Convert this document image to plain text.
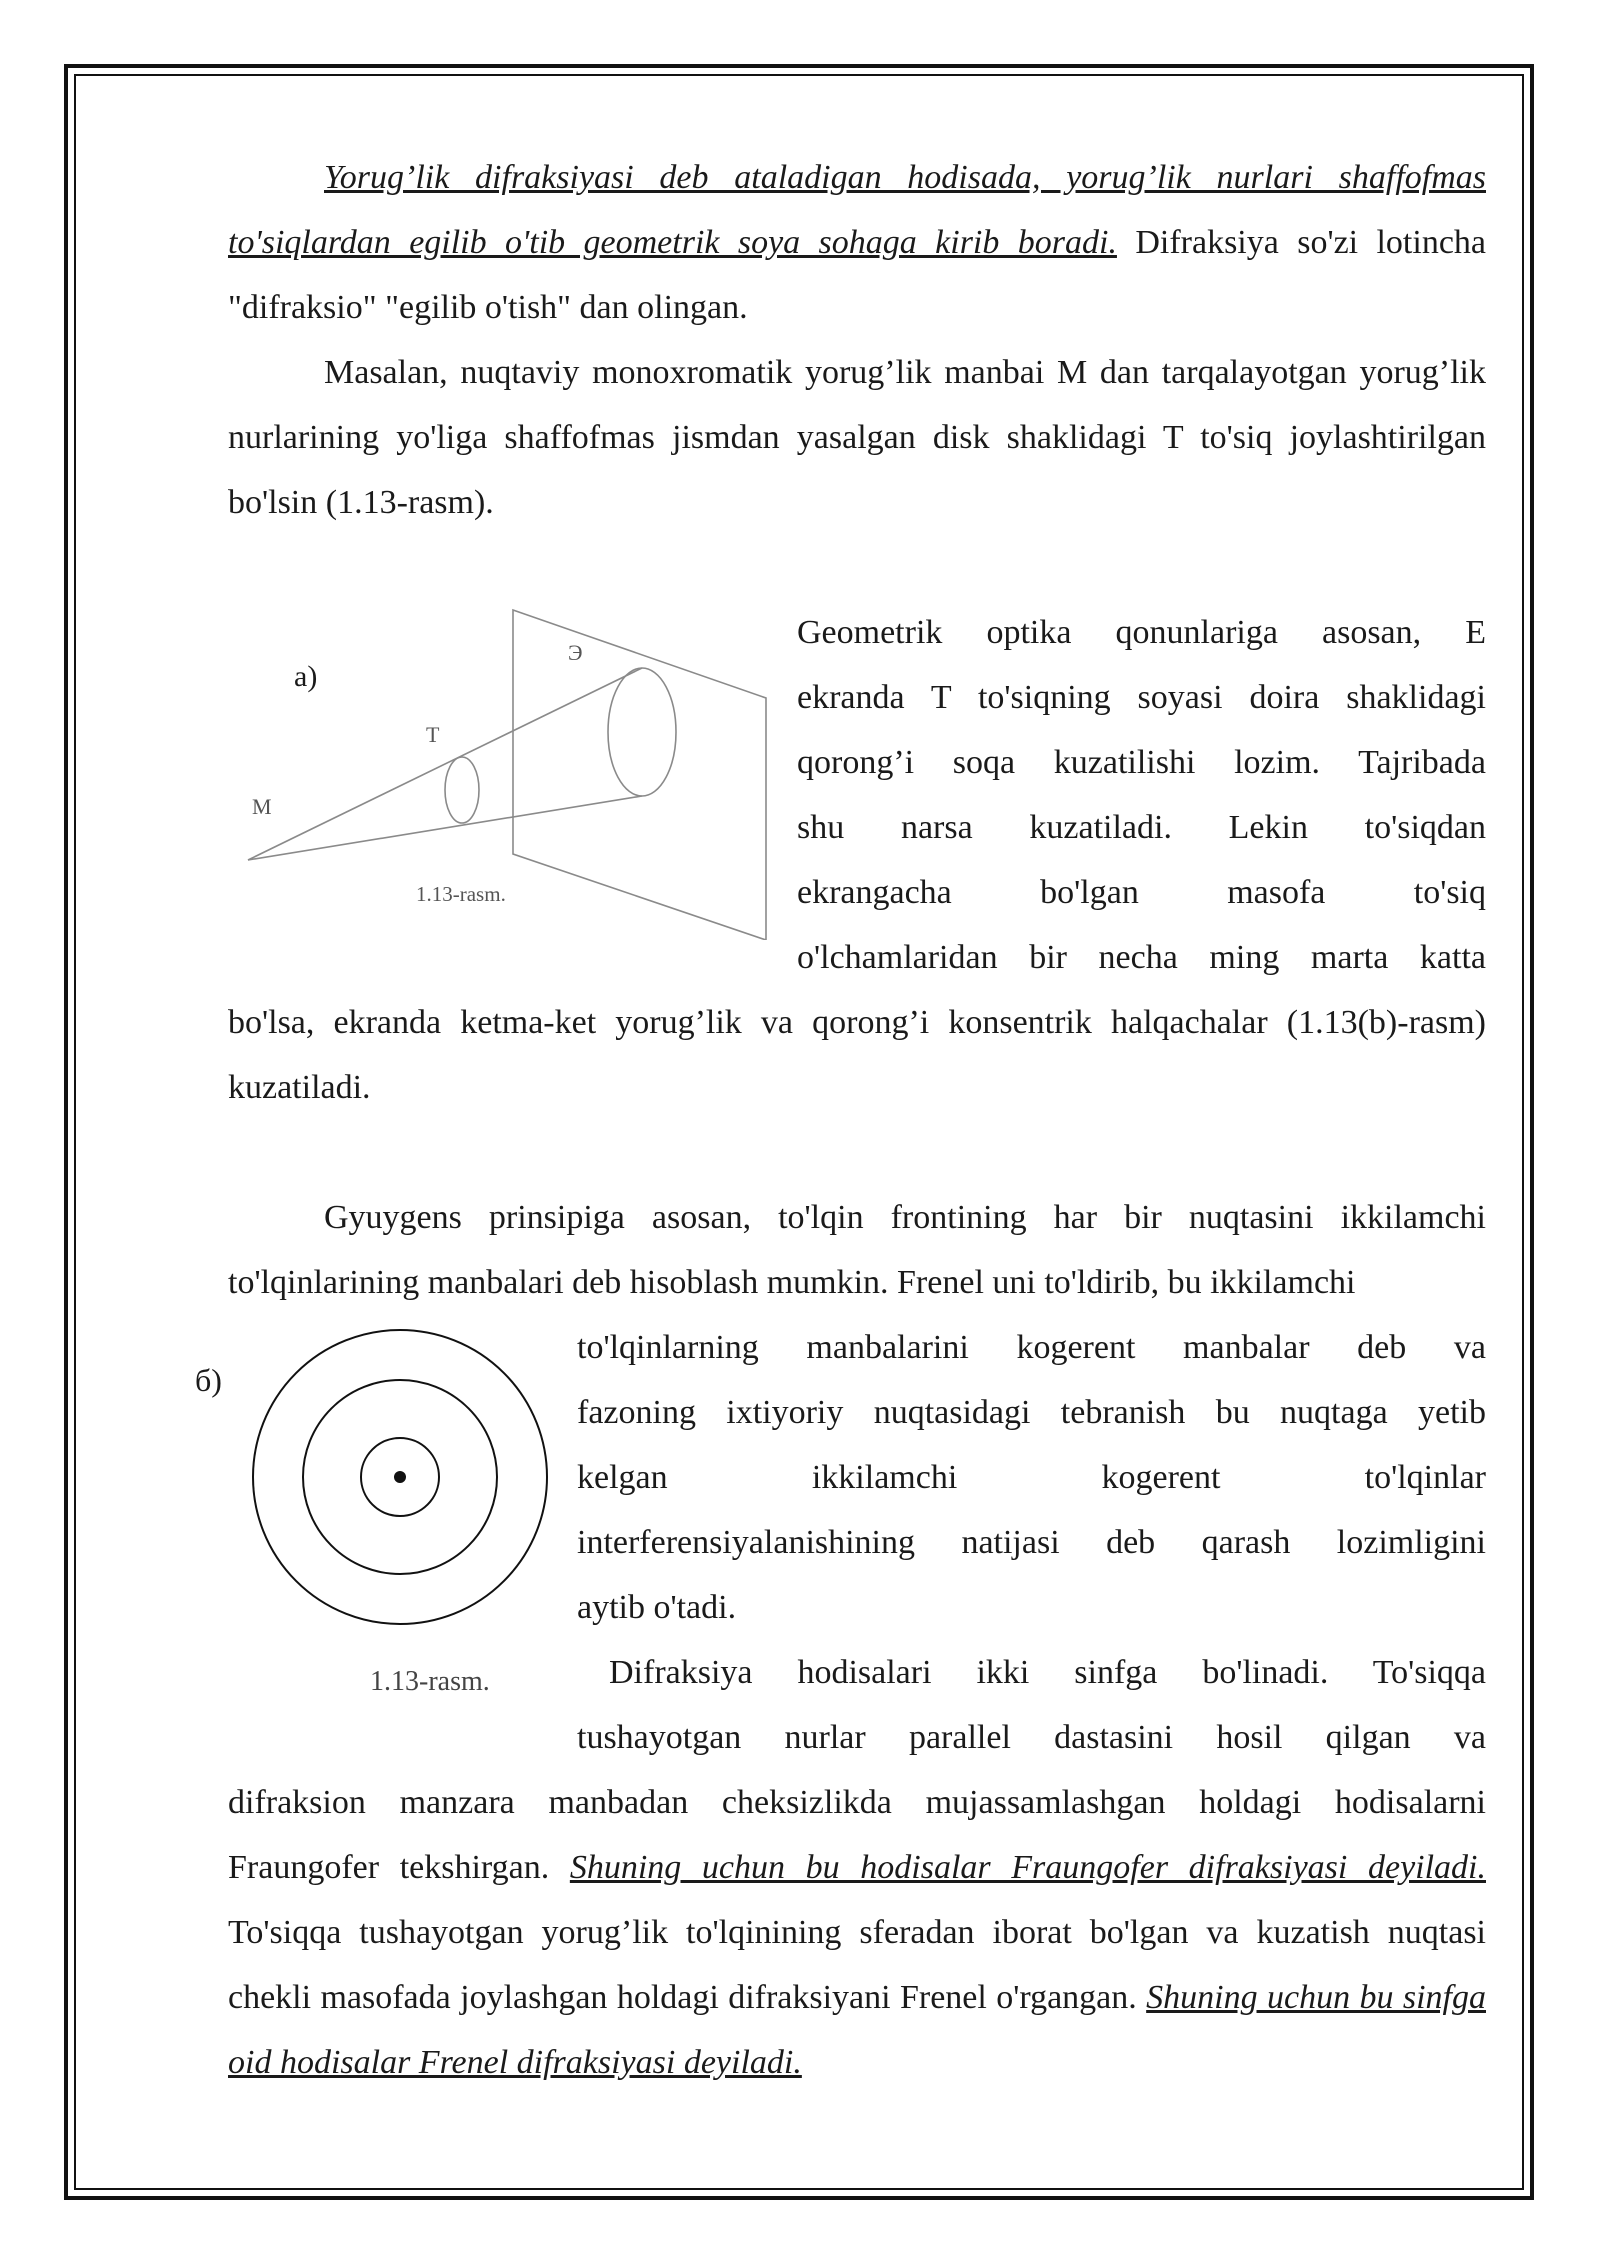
Yorug’lik difraksiyasi deb ataladigan hodisada, yorug’lik nurlari shaffofmas to'siqlardan egilib o'tib geometrik soya sohaga kirib boradi. Difraksiya so'zi lotincha "difraksio" "egilib o'tish" dan olingan.

Masalan, nuqtaviy monoxromatik yorug’lik manbai M dan tarqalayotgan yorug’lik nurlarining yo'liga shaffofmas jismdan yasalgan disk shaklidagi T to'siq joylashtirilgan bo'lsin (1.13-rasm).

а)
M
T
Э
1.13-rasm.
Geometrik optika qonunlariga asosan, E
ekranda T to'siqning soyasi doira shaklidagi
qorong’i soqa kuzatilishi lozim. Tajribada
shu narsa kuzatiladi. Lekin to'siqdan
ekrangacha bo'lgan masofa to'siq
o'lchamlaridan bir necha ming marta katta
bo'lsa, ekranda ketma-ket yorug’lik va qorong’i konsentrik halqachalar (1.13(b)-rasm) kuzatiladi.

Gyuygens prinsipiga asosan, to'lqin frontining har bir nuqtasini ikkilamchi to'lqinlarining manbalari deb hisoblash mumkin. Frenel uni to'ldirib, bu ikkilamchi

б)
1.13-rasm.
to'lqinlarning manbalarini kogerent manbalar deb va
fazoning ixtiyoriy nuqtasidagi tebranish bu nuqtaga yetib
kelgan ikkilamchi kogerent to'lqinlar
interferensiyalanishining natijasi deb qarash lozimligini
aytib o'tadi.
Difraksiya hodisalari ikki sinfga bo'linadi. To'siqqa
tushayotgan nurlar parallel dastasini hosil qilgan va

difraksion manzara manbadan cheksizlikda mujassamlashgan holdagi hodisalarni Fraungofer tekshirgan. Shuning uchun bu hodisalar Fraungofer difraksiyasi deyiladi. To'siqqa tushayotgan yorug’lik to'lqinining sferadan iborat bo'lgan va kuzatish nuqtasi chekli masofada joylashgan holdagi difraksiyani Frenel o'rgangan. Shuning uchun bu sinfga oid hodisalar Frenel difraksiyasi deyiladi.
